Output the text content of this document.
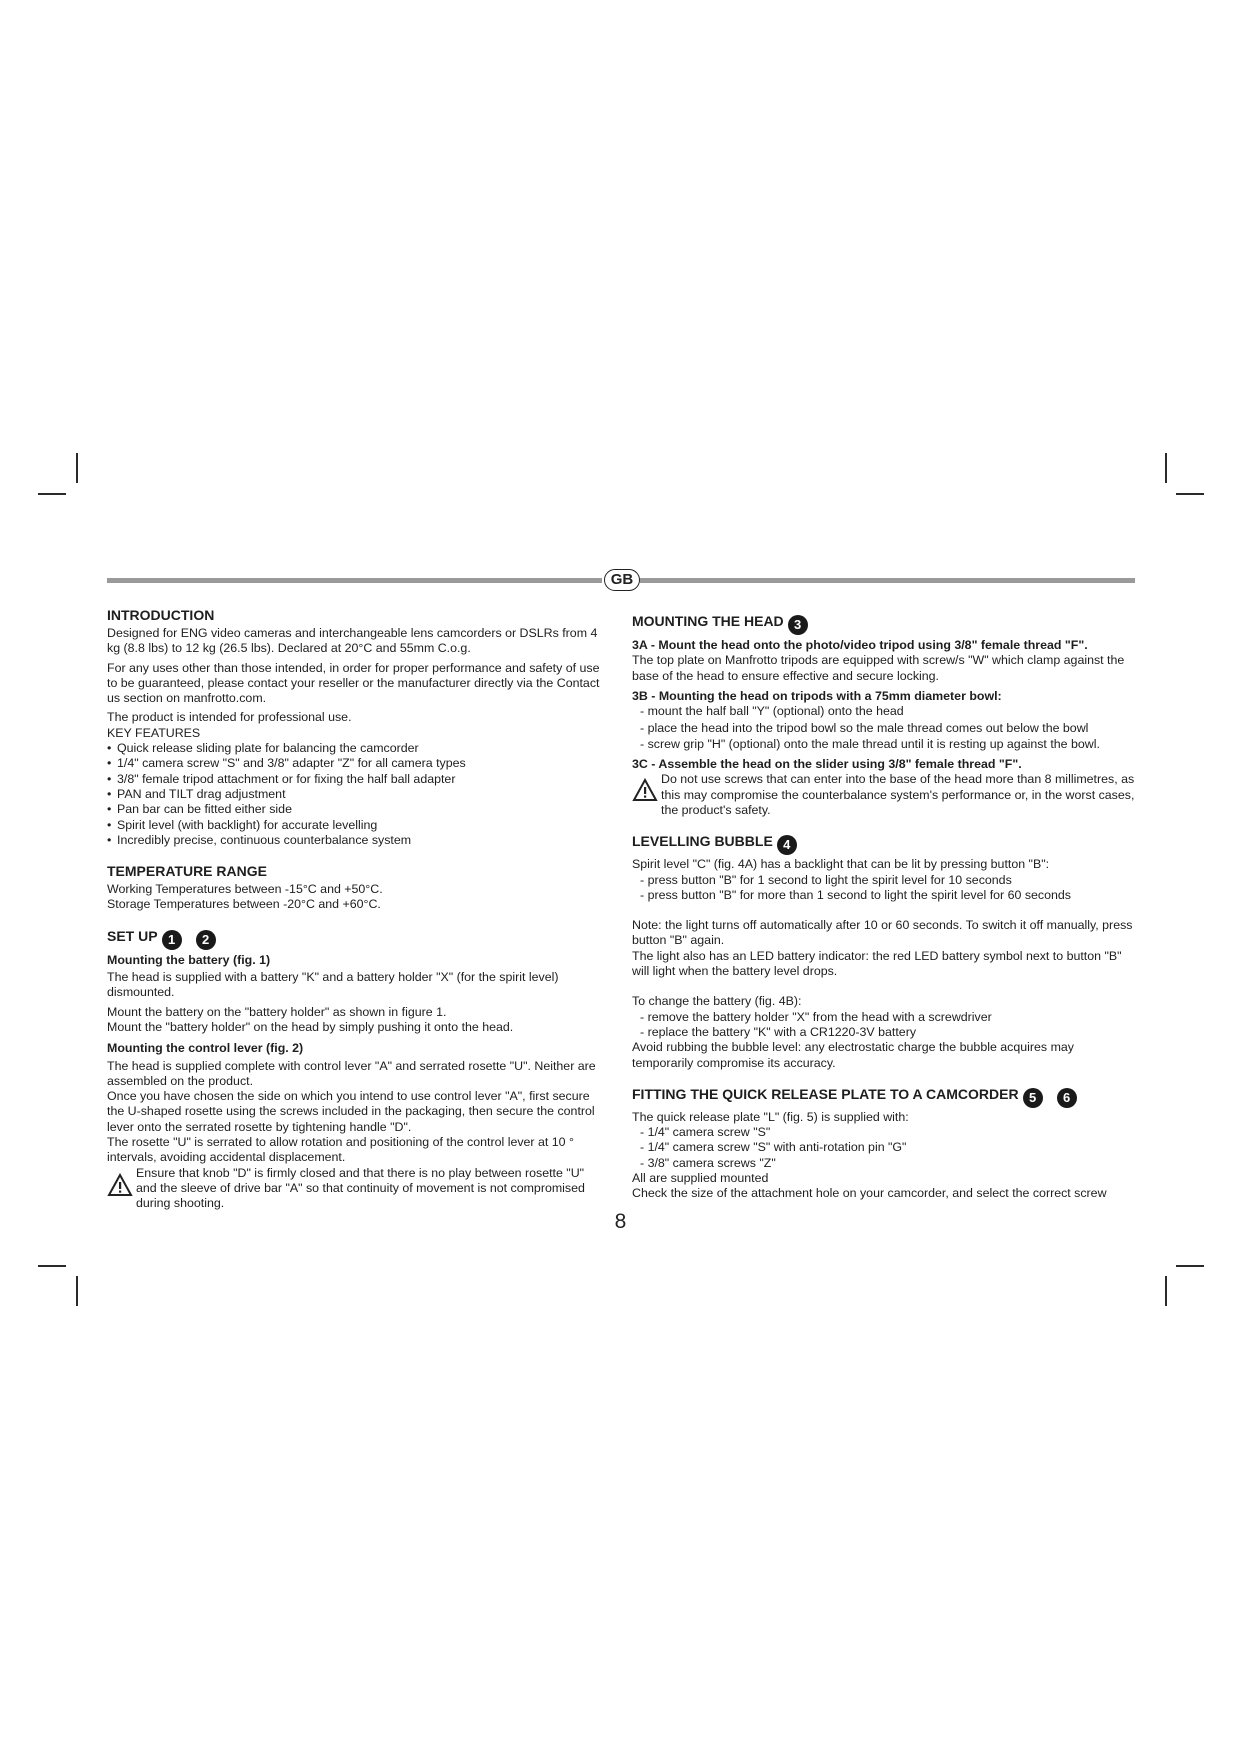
GB
INTRODUCTION

Designed for ENG video cameras and interchangeable lens camcorders or DSLRs from 4 kg (8.8 lbs) to 12 kg (26.5 lbs). Declared at 20°C and 55mm C.o.g.

For any uses other than those intended, in order for proper performance and safety of use to be guaranteed, please contact your reseller or the manufacturer directly via the Contact us section on manfrotto.com.

The product is intended for professional use.

KEY FEATURES

• Quick release sliding plate for balancing the camcorder
• 1/4" camera screw "S" and 3/8" adapter "Z" for all camera types
• 3/8" female tripod attachment or for fixing the half ball adapter
• PAN and TILT drag adjustment
• Pan bar can be fitted either side
• Spirit level (with backlight) for accurate levelling
• Incredibly precise, continuous counterbalance system
TEMPERATURE RANGE

Working Temperatures between -15°C and +50°C.

Storage Temperatures between -20°C and +60°C.

SET UP 1 2
Mounting the battery (fig. 1)

The head is supplied with a battery "K" and a battery holder "X" (for the spirit level) dismounted.

Mount the battery on the "battery holder" as shown in figure 1.

Mount the "battery holder" on the head by simply pushing it onto the head.

Mounting the control lever (fig. 2)

The head is supplied complete with control lever "A" and serrated rosette "U". Neither are assembled on the product.

Once you have chosen the side on which you intend to use control lever "A", first secure the U-shaped rosette using the screws included in the packaging, then secure the control lever onto the serrated rosette by tightening handle "D".

The rosette "U" is serrated to allow rotation and positioning of the control lever at 10 ° intervals, avoiding accidental displacement.

Ensure that knob "D" is firmly closed and that there is no play between rosette "U" and the sleeve of drive bar "A" so that continuity of movement is not compromised during shooting.

MOUNTING THE HEAD 3
3A - Mount the head onto the photo/video tripod using 3/8" female thread "F".

The top plate on Manfrotto tripods are equipped with screw/s "W" which clamp against the base of the head to ensure effective and secure locking.

3B - Mounting the head on tripods with a 75mm diameter bowl:
- mount the half ball "Y" (optional) onto the head
- place the head into the tripod bowl so the male thread comes out below the bowl
- screw grip "H" (optional) onto the male thread until it is resting up against the bowl.
3C - Assemble the head on the slider using 3/8" female thread "F".

Do not use screws that can enter into the base of the head more than 8 millimetres, as this may compromise the counterbalance system's performance or, in the worst cases, the product's safety.

LEVELLING BUBBLE 4

Spirit level "C" (fig. 4A) has a backlight that can be lit by pressing button "B":

- press button "B" for 1 second to light the spirit level for 10 seconds
- press button "B" for more than 1 second to light the spirit level for 60 seconds

Note: the light turns off automatically after 10 or 60 seconds. To switch it off manually, press button "B" again.

The light also has an LED battery indicator: the red LED battery symbol next to button "B" will light when the battery level drops.

To change the battery (fig. 4B):

- remove the battery holder "X" from the head with a screwdriver
- replace the battery "K" with a CR1220-3V battery

Avoid rubbing the bubble level: any electrostatic charge the bubble acquires may temporarily compromise its accuracy.

FITTING THE QUICK RELEASE PLATE TO A CAMCORDER 5 6

The quick release plate "L" (fig. 5) is supplied with:

- 1/4" camera screw "S"
- 1/4" camera screw "S" with anti-rotation pin "G"
- 3/8" camera screws "Z"

All are supplied mounted

Check the size of the attachment hole on your camcorder, and select the correct screw

8
